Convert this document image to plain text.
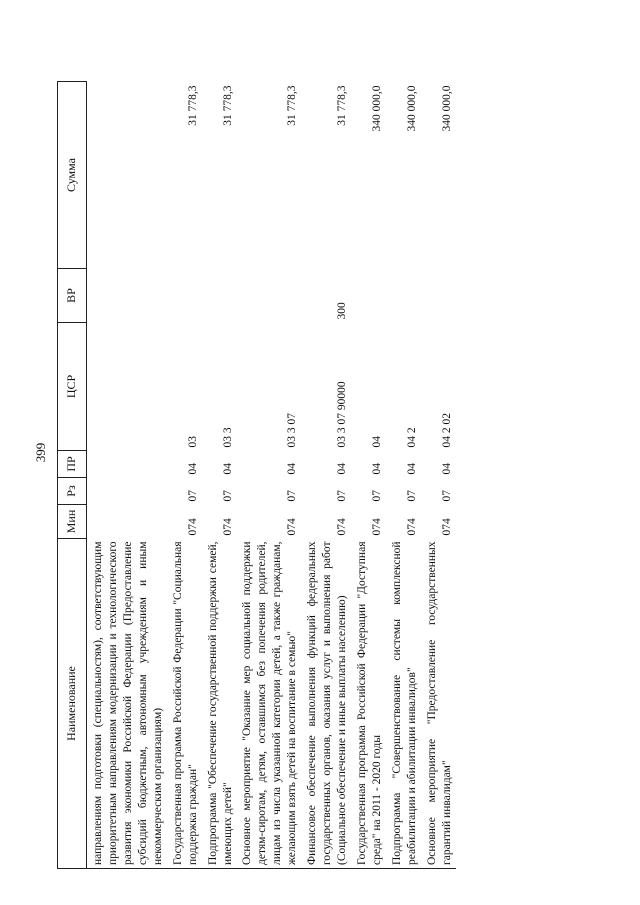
399
Наименование	Мин	Рз	ПР	ЦСР	ВР	Сумма
направлениям подготовки (специальностям), соответствующим приоритетным направлениям модернизации и технологического развития экономики Российской Федерации (Предоставление субсидий бюджетным, автономным учреждениям и иным некоммерческим организациям)						
Государственная программа Российской Федерации "Социальная поддержка граждан"	074	07	04	03		31 778,3
Подпрограмма "Обеспечение государственной поддержки семей, имеющих детей"	074	07	04	03 3		31 778,3
Основное мероприятие "Оказание мер социальной поддержки детям-сиротам, детям, оставшимся без попечения родителей, лицам из числа указанной категории детей, а также гражданам, желающим взять детей на воспитание в семью"	074	07	04	03 3 07		31 778,3
Финансовое обеспечение выполнения функций федеральных государственных органов, оказания услуг и выполнения работ (Социальное обеспечение и иные выплаты населению)	074	07	04	03 3 07 90000	300	31 778,3
Государственная программа Российской Федерации "Доступная среда" на 2011 - 2020 годы	074	07	04	04		340 000,0
Подпрограмма "Совершенствование системы комплексной реабилитации и абилитации инвалидов"	074	07	04	04 2		340 000,0
Основное мероприятие "Предоставление государственных гарантий инвалидам"	074	07	04	04 2 02		340 000,0
